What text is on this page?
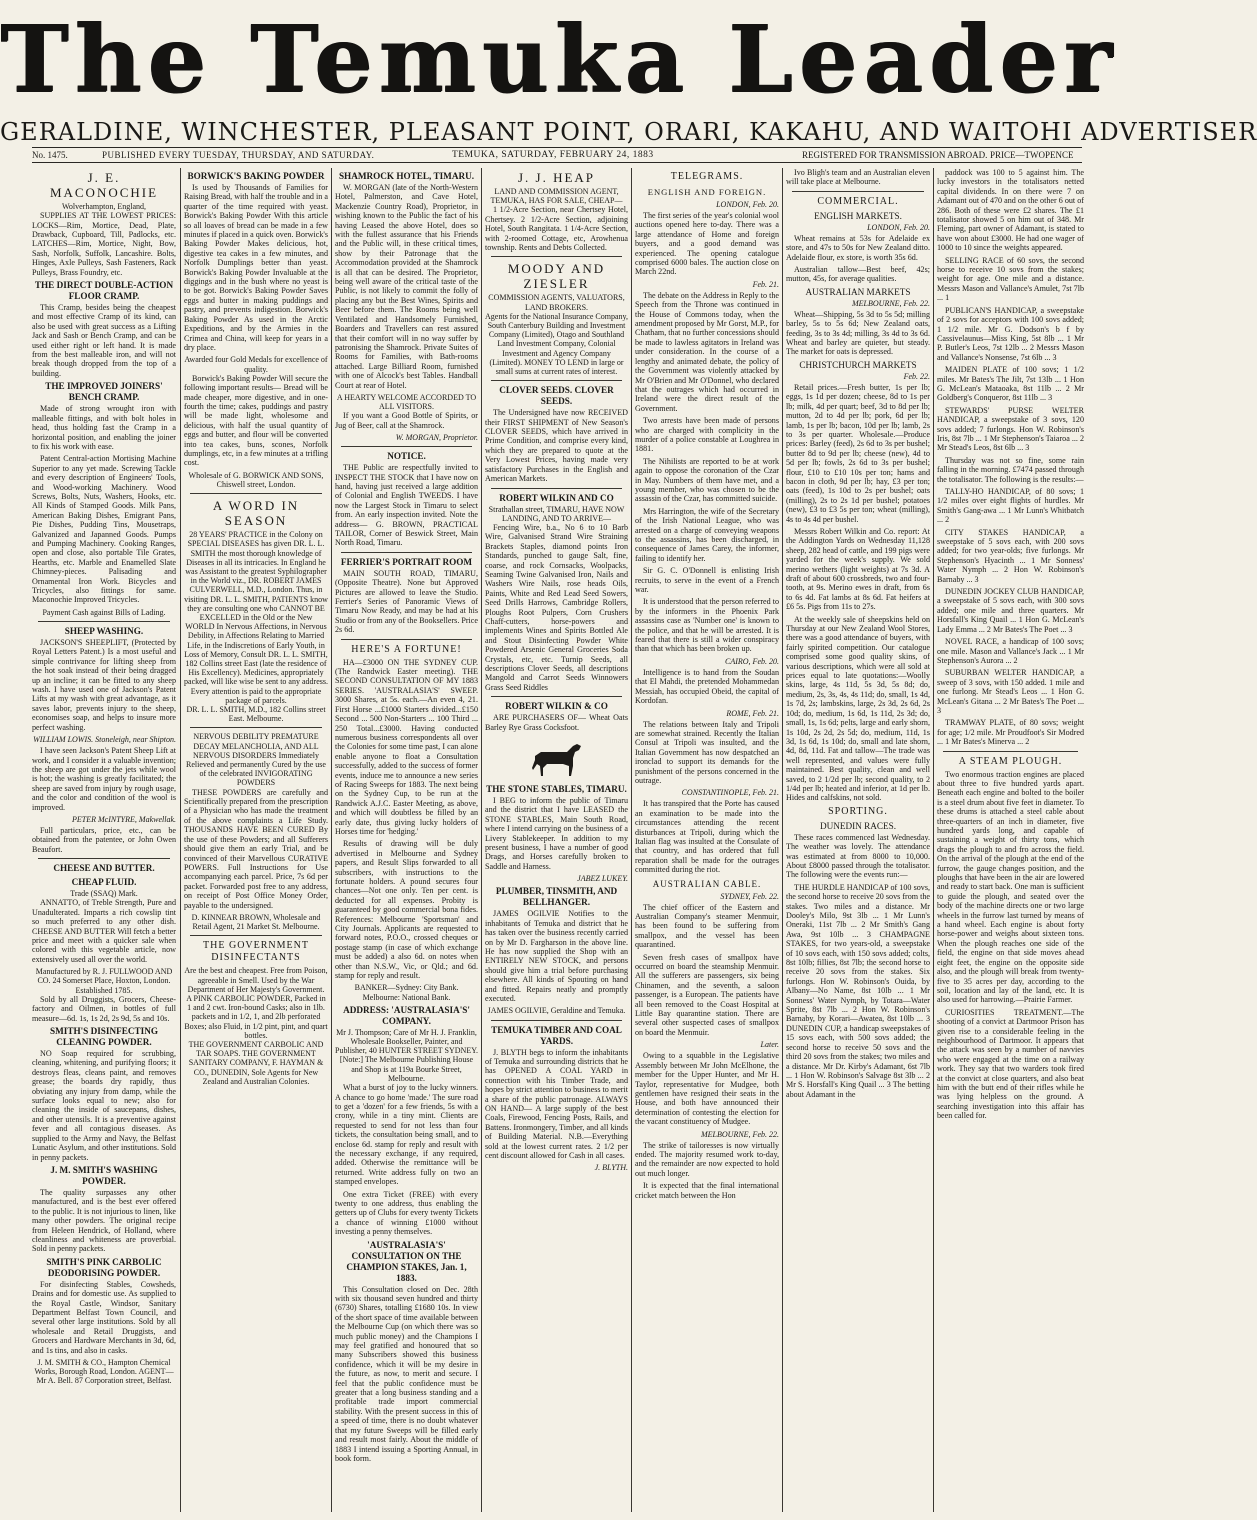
The Temuka Leader
GERALDINE, WINCHESTER, PLEASANT POINT, ORARI, KAKAHU, AND WAITOHI ADVERTISER
No. 1475.	PUBLISHED EVERY TUESDAY, THURSDAY, AND SATURDAY.	TEMUKA, SATURDAY, FEBRUARY 24, 1883	REGISTERED FOR TRANSMISSION ABROAD. PRICE—TWOPENCE
J. E. MACONOCHIE
Wolverhampton, England,

SUPPLIES AT THE LOWEST PRICES: LOCKS—Rim, Mortice, Dead, Plate, Drawback, Cupboard, Till, Padlocks, etc. LATCHES—Rim, Mortice, Night, Bow, Sash, Norfolk, Suffolk, Lancashire. Bolts, Hinges, Axle Pulleys, Sash Fasteners, Rack Pulleys, Brass Foundry, etc.

THE DIRECT DOUBLE-ACTION FLOOR CRAMP.

This Cramp, besides being the cheapest and most effective Cramp of its kind, can also be used with great success as a Lifting Jack and Sash or Bench Cramp, and can be used either right or left hand. It is made from the best malleable iron, and will not break though dropped from the top of a building.

THE IMPROVED JOINERS' BENCH CRAMP.

Made of strong wrought iron with malleable fittings, and with bolt holes in head, thus holding fast the Cramp in a horizontal position, and enabling the joiner to fix his work with ease.

Patent Central-action Mortising Machine Superior to any yet made. Screwing Tackle and every description of Engineers' Tools, and Wood-working Machinery. Wood Screws, Bolts, Nuts, Washers, Hooks, etc. All Kinds of Stamped Goods. Milk Pans, American Baking Dishes, Emigrant Pans, Pie Dishes, Pudding Tins, Mousetraps, Galvanized and Japanned Goods. Pumps and Pumping Machinery. Cooking Ranges, open and close, also portable Tile Grates, Hearths, etc. Marble and Enamelled Slate Chimney-pieces. Palisading and Ornamental Iron Work. Bicycles and Tricycles, also fittings for same. Maconochie Improved Tricycles.

Payment Cash against Bills of Lading.
SHEEP WASHING.

JACKSON'S SHEEPLIFT, (Protected by Royal Letters Patent.) Is a most useful and simple contrivance for lifting sheep from the hot soak instead of their being dragged up an incline; it can be fitted to any sheep wash. I have used one of Jackson's Patent Lifts at my wash with great advantage, as it saves labor, prevents injury to the sheep, economises soap, and helps to insure more perfect washing.

WILLIAM LOWIS. Stoneleigh, near Shipton.

I have seen Jackson's Patent Sheep Lift at work, and I consider it a valuable invention; the sheep are got under the jets while wool is hot; the washing is greatly facilitated; the sheep are saved from injury by rough usage, and the color and condition of the wool is improved.

PETER McINTYRE, Makwellak.

Full particulars, price, etc., can be obtained from the patentee, or John Owen Beaufort.

CHEESE AND BUTTER.
CHEAP FLUID.
Trade (SSAQ) Mark.

ANNATTO, of Treble Strength, Pure and Unadulterated. Imparts a rich cowslip tint so much preferred to any other dish. CHEESE AND BUTTER Will fetch a better price and meet with a quicker sale when colored with this vegetable article, now extensively used all over the world.

Manufactured by R. J. FULLWOOD AND CO. 24 Somerset Place, Hoxton, London. Established 1785.

Sold by all Druggists, Grocers, Cheese-factory and Oilmen, in bottles of full measure—6d. 1s, 1s 2d, 2s 9d, 5s and 10s.

SMITH'S DISINFECTING CLEANING POWDER.

NO Soap required for scrubbing, cleaning, whitening, and purifying floors; it destroys fleas, cleans paint, and removes grease; the boards dry rapidly, thus obviating any injury from damp, while the surface looks equal to new; also for cleaning the inside of saucepans, dishes, and other utensils. It is a preventive against fever and all contagious diseases. As supplied to the Army and Navy, the Belfast Lunatic Asylum, and other institutions. Sold in penny packets.

J. M. SMITH'S WASHING POWDER.

The quality surpasses any other manufactured, and is the best ever offered to the public. It is not injurious to linen, like many other powders. The original recipe from Heleen Hendrick, of Holland, where cleanliness and whiteness are proverbial. Sold in penny packets.

SMITH'S PINK CARBOLIC DEODORISING POWDER.

For disinfecting Stables, Cowsheds, Drains and for domestic use. As supplied to the Royal Castle, Windsor, Sanitary Department Belfast Town Council, and several other large institutions. Sold by all wholesale and Retail Druggists, and Grocers and Hardware Merchants in 3d, 6d, and 1s tins, and also in casks.

J. M. SMITH & CO., Hampton Chemical Works, Borough Road, London. AGENT—Mr A. Bell. 87 Corporation street, Belfast.
BORWICK'S BAKING POWDER

Is used by Thousands of Families for Raising Bread, with half the trouble and in a quarter of the time required with yeast. Borwick's Baking Powder With this article so all loaves of bread can be made in a few minutes if placed in a quick oven. Borwick's Baking Powder Makes delicious, hot, digestive tea cakes in a few minutes, and Norfolk Dumplings better than yeast. Borwick's Baking Powder Invaluable at the diggings and in the bush where no yeast is to be got. Borwick's Baking Powder Saves eggs and butter in making puddings and pastry, and prevents indigestion. Borwick's Baking Powder As used in the Arctic Expeditions, and by the Armies in the Crimea and China, will keep for years in a dry place.

Awarded four Gold Medals for excellence of quality.

Borwick's Baking Powder Will secure the following important results— Bread will be made cheaper, more digestive, and in one-fourth the time; cakes, puddings and pastry will be made light, wholesome and delicious, with half the usual quantity of eggs and butter, and flour will be converted into tea cakes, buns, scones, Norfolk dumplings, etc, in a few minutes at a trifling cost.

Wholesale of G. BORWICK AND SONS, Chiswell street, London.
A WORD IN SEASON
28 YEARS' PRACTICE in the Colony on SPECIAL DISEASES has given DR. L. L. SMITH the most thorough knowledge of Diseases in all its intricacies. In England he was Assistant to the greatest Syphilographer in the World viz., DR. ROBERT JAMES CULVERWELL, M.D., London. Thus, in visiting DR. L. L. SMITH, PATIENTS know they are consulting one who CANNOT BE EXCELLED in the Old or the New WORLD In Nervous Affections, in Nervous Debility, in Affections Relating to Married Life, in the Indiscretions of Early Youth, in Loss of Memory, Consult DR. L. L. SMITH, 182 Collins street East (late the residence of His Excellency). Medicines, appropriately packed, will like wise be sent to any address. Every attention is paid to the appropriate package of parcels.
DR. L. L. SMITH, M.D., 182 Collins street East. Melbourne.
NERVOUS DEBILITY PREMATURE DECAY MELANCHOLIA, AND ALL NERVOUS DISORDERS Immediately Relieved and permanently Cured by the use of the celebrated INVIGORATING POWDERS

THESE POWDERS are carefully and Scientifically prepared from the prescription of a Physician who has made the treatment of the above complaints a Life Study. THOUSANDS HAVE BEEN CURED By the use of these Powders; and all Sufferers should give them an early Trial, and be convinced of their Marvellous CURATIVE POWERS. Full Instructions for Use accompanying each parcel. Price, 7s 6d per packet. Forwarded post free to any address, on receipt of Post Office Money Order, payable to the undersigned.

D. KINNEAR BROWN, Wholesale and Retail Agent, 21 Market St. Melbourne.
THE GOVERNMENT DISINFECTANTS
Are the best and cheapest. Free from Poison, agreeable in Smell. Used by the War Department of Her Majesty's Government. A PINK CARBOLIC POWDER, Packed in 1 and 2 cwt. Iron-bound Casks; also in 1lb. packets and in 1/2, 1, and 2lb perforated Boxes; also Fluid, in 1/2 pint, pint, and quart bottles.
THE GOVERNMENT CARBOLIC AND TAR SOAPS. THE GOVERNMENT SANITARY COMPANY, F. HAYMAN & CO., DUNEDIN, Sole Agents for New Zealand and Australian Colonies.
SHAMROCK HOTEL, TIMARU.

W. MORGAN (late of the North-Western Hotel, Palmerston, and Cave Hotel, Mackenzie Country Road), Proprietor, in wishing known to the Public the fact of his having Leased the above Hotel, does so with the fullest assurance that his Friends and the Public will, in these critical times, show by their Patronage that the Accommodation provided at the Shamrock is all that can be desired. The Proprietor, being well aware of the critical taste of the Public, is not likely to commit the folly of placing any but the Best Wines, Spirits and Beer before them. The Rooms being well Ventilated and Handsomely Furnished, Boarders and Travellers can rest assured that their comfort will in no way suffer by patronising the Shamrock. Private Suites of Rooms for Families, with Bath-rooms attached. Large Billiard Room, furnished with one of Alcock's best Tables. Handball Court at rear of Hotel.

A HEARTY WELCOME ACCORDED TO ALL VISITORS.

If you want a Good Bottle of Spirits, or Jug of Beer, call at the Shamrock.

W. MORGAN, Proprietor.
NOTICE.

THE Public are respectfully invited to INSPECT THE STOCK that I have now on hand, having just received a large addition of Colonial and English TWEEDS. I have now the Largest Stock in Timaru to select from. An early inspection invited. Note the address— G. BROWN, PRACTICAL TAILOR, Corner of Beswick Street, Main North Road, Timaru.

FERRIER'S PORTRAIT ROOM

MAIN SOUTH ROAD, TIMARU, (Opposite Theatre). None but Approved Pictures are allowed to leave the Studio. Ferrier's Series of Panoramic Views of Timaru Now Ready, and may be had at his Studio or from any of the Booksellers. Price 2s 6d.

HERE'S A FORTUNE!

HA—£3000 ON THE SYDNEY CUP. (The Randwick Easter meeting). THE SECOND CONSULTATION OF MY 1883 SERIES. 'AUSTRALASIA'S' SWEEP. 3000 Shares, at 5s. each.—An even 4, 21. First Horse ...£1000 Starters divided...£150 Second ... 500 Non-Starters ... 100 Third ... 250 Total...£3000. Having conducted numerous business correspondents all over the Colonies for some time past, I can alone enable anyone to float a Consultation successfully, added to the success of former events, induce me to announce a new series of Racing Sweeps for 1883. The next being on the Sydney Cup, to be run at the Randwick A.J.C. Easter Meeting, as above, and which will doubtless be filled by an early date, thus giving lucky holders of Horses time for 'hedging.'

Results of drawing will be duly advertised in Melbourne and Sydney papers, and Result Slips forwarded to all subscribers, with instructions to the fortunate holders. A pound secures four chances—Not one only. Ten per cent. is deducted for all expenses. Probity is guaranteed by good commercial bona fides. References: Melbourne 'Sportsman' and City Journals. Applicants are requested to forward notes, P.O.O., crossed cheques or postage stamp (in case of which exchange must be added) a also 6d. on notes when other than N.S.W., Vic, or Qld.; and 6d. stamp for reply and result.

BANKER—Sydney: City Bank. Melbourne: National Bank.
ADDRESS: 'AUSTRALASIA'S' COMPANY.
Mr J. Thompson; Care of Mr H. J. Franklin, Wholesale Bookseller, Painter, and Publisher, 40 HUNTER STREET SYDNEY. [Note:] The Melbourne Publishing House and Shop is at 119a Bourke Street, Melbourne.

What a burst of joy to the lucky winners. A chance to go home 'made.' The sure road to get a 'dozen' for a few friends, 5s with a crony, while in a tiny mint. Clients are requested to send for not less than four tickets, the consultation being small, and to enclose 6d. stamp for reply and result with the necessary exchange, if any required, added. Otherwise the remittance will be returned. Write address fully on two an stamped envelopes.

One extra Ticket (FREE) with every twenty to one address, thus enabling the getters up of Clubs for every twenty Tickets a chance of winning £1000 without investing a penny themselves.

'AUSTRALASIA'S' CONSULTATION ON THE CHAMPION STAKES, Jan. 1, 1883.

This Consultation closed on Dec. 28th with six thousand seven hundred and thirty (6730) Shares, totalling £1680 10s. In view of the short space of time available between the Melbourne Cup (on which there was so much public money) and the Champions I may feel gratified and honoured that so many Subscribers showed this business confidence, which it will be my desire in the future, as now, to merit and secure. I feel that the public confidence must be greater that a long business standing and a profitable trade import commercial stability. With the present success in this of a speed of time, there is no doubt whatever that my future Sweeps will be filled early and result most fairly. About the middle of 1883 I intend issuing a Sporting Annual, in book form.

J. J. HEAP
LAND AND COMMISSION AGENT, TEMUKA, HAS FOR SALE, CHEAP—

1 1/2-Acre Section, near Chertsey Hotel, Chertsey. 2 1/2-Acre Section, adjoining Hotel, South Rangitata. 1 1/4-Acre Section, with 2-roomed Cottage, etc, Arowhenua township. Rents and Debts Collected.

MOODY AND ZIESLER
COMMISSION AGENTS, VALUATORS, LAND BROKERS.
Agents for the National Insurance Company, South Canterbury Building and Investment Company (Limited), Otago and Southland Land Investment Company, Colonial Investment and Agency Company (Limited). MONEY TO LEND in large or small sums at current rates of interest.
CLOVER SEEDS. CLOVER SEEDS.

The Undersigned have now RECEIVED their FIRST SHIPMENT of New Season's CLOVER SEEDS, which have arrived in Prime Condition, and comprise every kind, which they are prepared to quote at the Very Lowest Prices, having made very satisfactory Purchases in the English and American Markets.

ROBERT WILKIN AND CO
Strathallan street, TIMARU, HAVE NOW LANDING, AND TO ARRIVE—

Fencing Wire, b.a., No 6 to 10 Barb Wire, Galvanised Strand Wire Straining Brackets Staples, diamond points Iron Standards, punched to gauge Salt, fine, coarse, and rock Cornsacks, Woolpacks, Seaming Twine Galvanised Iron, Nails and Washers Wire Nails, rose heads Oils, Paints, White and Red Lead Seed Sowers, Seed Drills Harrows, Cambridge Rollers, Ploughs Root Pulpers, Corn Crushers Chaff-cutters, horse-powers and implements Wines and Spirits Bottled Ale and Stout Disinfecting Powder White Powdered Arsenic General Groceries Soda Crystals, etc, etc. Turnip Seeds, all descriptions Clover Seeds, all descriptions Mangold and Carrot Seeds Winnowers Grass Seed Riddles

ROBERT WILKIN & CO

ARE PURCHASERS OF— Wheat Oats Barley Rye Grass Cocksfoot.

THE STONE STABLES, TIMARU.

I BEG to inform the public of Timaru and the district that I have LEASED the STONE STABLES, Main South Road, where I intend carrying on the business of a Livery Stablekeeper. In addition to my present business, I have a number of good Drags, and Horses carefully broken to Saddle and Harness.

JABEZ LUKEY.
PLUMBER, TINSMITH, AND BELLHANGER.

JAMES OGILVIE Notifies to the inhabitants of Temuka and district that he has taken over the business recently carried on by Mr D. Fargharson in the above line. He has now supplied the Shop with an ENTIRELY NEW STOCK, and persons should give him a trial before purchasing elsewhere. All kinds of Spouting on hand and fitted. Repairs neatly and promptly executed.

JAMES OGILVIE, Geraldine and Temuka.
TEMUKA TIMBER AND COAL YARDS.

J. BLYTH begs to inform the inhabitants of Temuka and surrounding districts that he has OPENED A COAL YARD in connection with his Timber Trade, and hopes by strict attention to business to merit a share of the public patronage. ALWAYS ON HAND— A large supply of the best Coals, Firewood, Fencing Posts, Rails, and Battens. Ironmongery, Timber, and all kinds of Building Material. N.B.—Everything sold at the lowest current rates. 2 1/2 per cent discount allowed for Cash in all cases.

J. BLYTH.
TELEGRAMS.
ENGLISH AND FOREIGN.
LONDON, Feb. 20.

The first series of the year's colonial wool auctions opened here to-day. There was a large attendance of Home and foreign buyers, and a good demand was experienced. The opening catalogue comprised 6000 bales. The auction close on March 22nd.

Feb. 21.

The debate on the Address in Reply to the Speech from the Throne was continued in the House of Commons today, when the amendment proposed by Mr Gorst, M.P., for Chatham, that no further concessions should be made to lawless agitators in Ireland was under consideration. In the course of a lengthy and animated debate, the policy of the Government was violently attacked by Mr O'Brien and Mr O'Donnel, who declared that the outrages which had occurred in Ireland were the direct result of the Government.

Two arrests have been made of persons who are charged with complicity in the murder of a police constable at Loughrea in 1881.

The Nihilists are reported to be at work again to oppose the coronation of the Czar in May. Numbers of them have met, and a young member, who was chosen to be the assassin of the Czar, has committed suicide.

Mrs Harrington, the wife of the Secretary of the Irish National League, who was arrested on a charge of conveying weapons to the assassins, has been discharged, in consequence of James Carey, the informer, failing to identify her.

Sir G. C. O'Donnell is enlisting Irish recruits, to serve in the event of a French war.

It is understood that the person referred to by the informers in the Phoenix Park assassins case as 'Number one' is known to the police, and that he will be arrested. It is feared that there is still a wider conspiracy than that which has been broken up.

CAIRO, Feb. 20.

Intelligence is to hand from the Soudan that El Mahdi, the pretended Mohammedan Messiah, has occupied Obeid, the capital of Kordofan.

ROME, Feb. 21.

The relations between Italy and Tripoli are somewhat strained. Recently the Italian Consul at Tripoli was insulted, and the Italian Government has now despatched an ironclad to support its demands for the punishment of the persons concerned in the outrage.

CONSTANTINOPLE, Feb. 21.

It has transpired that the Porte has caused an examination to be made into the circumstances attending the recent disturbances at Tripoli, during which the Italian flag was insulted at the Consulate of that country, and has ordered that full reparation shall be made for the outrages committed during the riot.

AUSTRALIAN CABLE.
SYDNEY, Feb. 22.

The chief officer of the Eastern and Australian Company's steamer Menmuir, has been found to be suffering from smallpox, and the vessel has been quarantined.

Seven fresh cases of smallpox have occurred on board the steamship Menmuir. All the sufferers are passengers, six being Chinamen, and the seventh, a saloon passenger, is a European. The patients have all been removed to the Coast Hospital at Little Bay quarantine station. There are several other suspected cases of smallpox on board the Menmuir.

Later.

Owing to a squabble in the Legislative Assembly between Mr John McElhone, the member for the Upper Hunter, and Mr H. Taylor, representative for Mudgee, both gentlemen have resigned their seats in the House, and both have announced their determination of contesting the election for the vacant constituency of Mudgee.

MELBOURNE, Feb. 22.

The strike of tailoresses is now virtually ended. The majority resumed work to-day, and the remainder are now expected to hold out much longer.

It is expected that the final international cricket match between the Hon

Ivo Bligh's team and an Australian eleven will take place at Melbourne.

COMMERCIAL.
ENGLISH MARKETS.
LONDON, Feb. 20.

Wheat remains at 53s for Adelaide ex store, and 47s to 50s for New Zealand ditto. Adelaide flour, ex store, is worth 35s 6d.

Australian tallow—Best beef, 42s; mutton, 45s, for average qualities.

AUSTRALIAN MARKETS
MELBOURNE, Feb. 22.

Wheat—Shipping, 5s 3d to 5s 5d; milling barley, 5s to 5s 6d; New Zealand oats, feeding, 3s to 3s 4d; milling, 3s 4d to 3s 6d. Wheat and barley are quieter, but steady. The market for oats is depressed.

CHRISTCHURCH MARKETS
Feb. 22.

Retail prices.—Fresh butter, 1s per lb; eggs, 1s 1d per dozen; cheese, 8d to 1s per lb; milk, 4d per quart; beef, 3d to 8d per lb; mutton, 2d to 4d per lb; pork, 6d per lb; lamb, 1s per lb; bacon, 10d per lb; lamb, 2s to 3s per quarter. Wholesale.—Produce prices: Barley (feed), 2s 6d to 3s per bushel; butter 8d to 9d per lb; cheese (new), 4d to 5d per lb; fowls, 2s 6d to 3s per bushel; flour, £10 to £10 10s per ton; hams and bacon in cloth, 9d per lb; hay, £3 per ton; oats (feed), 1s 10d to 2s per bushel; oats (milling), 2s to 2s 1d per bushel; potatoes (new), £3 to £3 5s per ton; wheat (milling), 4s to 4s 4d per bushel.

Messrs Robert Wilkin and Co. report: At the Addington Yards on Wednesday 11,128 sheep, 282 head of cattle, and 199 pigs were yarded for the week's supply. We sold merino wethers (light weights) at 7s 3d. A draft of about 600 crossbreds, two and four-tooth, at 9s. Merino ewes in draft, from 6s to 6s 4d. Fat lambs at 8s 6d. Fat heifers at £6 5s. Pigs from 11s to 27s.

At the weekly sale of sheepskins held on Thursday at our New Zealand Wool Stores, there was a good attendance of buyers, with fairly spirited competition. Our catalogue comprised some good quality skins, of various descriptions, which were all sold at prices equal to late quotations:—Woolly skins, large, 4s 11d, 5s 3d, 5s 8d; do, medium, 2s, 3s, 4s, 4s 11d; do, small, 1s 4d, 1s 7d, 2s; lambskins, large, 2s 3d, 2s 6d, 2s 10d; do, medium, 1s 6d, 1s 11d, 2s 3d; do, small, 1s, 1s 6d; pelts, large and early shorn, 1s 10d, 2s 2d, 2s 5d; do, medium, 11d, 1s 3d, 1s 6d, 1s 10d; do, small and late shorn, 4d, 8d, 11d. Fat and tallow—The trade was well represented, and values were fully maintained. Best quality, clean and well saved, to 2 1/2d per lb; second quality, to 2 1/4d per lb; heated and inferior, at 1d per lb. Hides and calfskins, not sold.

SPORTING.
DUNEDIN RACES.

These races commenced last Wednesday. The weather was lovely. The attendance was estimated at from 8000 to 10,000. About £8000 passed through the totalisator. The following were the events run:—

THE HURDLE HANDICAP of 100 sovs, the second horse to receive 20 sovs from the stakes. Two miles and a distance. Mr Dooley's Milo, 9st 3lb ... 1 Mr Lunn's Oneraki, 11st 7lb ... 2 Mr Smith's Gang Awa, 9st 10lb ... 3 CHAMPAGNE STAKES, for two years-old, a sweepstake of 10 sovs each, with 150 sovs added; colts, 8st 10lb; fillies, 8st 7lb; the second horse to receive 20 sovs from the stakes. Six furlongs. Hon W. Robinson's Ouida, by Albany—No Name, 8st 10lb ... 1 Mr Sonness' Water Nymph, by Totara—Water Sprite, 8st 7lb ... 2 Hon W. Robinson's Barnaby, by Korari—Awatea, 8st 10lb ... 3 DUNEDIN CUP, a handicap sweepstakes of 15 sovs each, with 500 sovs added; the second horse to receive 50 sovs and the third 20 sovs from the stakes; two miles and a distance. Mr Dr. Kirby's Adamant, 6st 7lb ... 1 Hon W. Robinson's Salvage 8st 3lb ... 2 Mr S. Horsfall's King Quail ... 3 The betting about Adamant in the

paddock was 100 to 5 against him. The lucky investors in the totalisators netted capital dividends. In on there were 7 on Adamant out of 470 and on the other 6 out of 286. Both of these were £2 shares. The £1 totalisator showed 5 on him out of 348. Mr Fleming, part owner of Adamant, is stated to have won about £3000. He had one wager of 1000 to 10 since the weights appeared.

SELLING RACE of 60 sovs, the second horse to receive 10 sovs from the stakes; weight for age. One mile and a distance. Messrs Mason and Vallance's Amulet, 7st 7lb ... 1

PUBLICAN'S HANDICAP, a sweepstake of 2 sovs for acceptors with 100 sovs added; 1 1/2 mile. Mr G. Dodson's b f by Cassivelaunus—Miss King, 5st 8lb ... 1 Mr P. Butler's Leos, 7st 12lb ... 2 Messrs Mason and Vallance's Nonsense, 7st 6lb ... 3

MAIDEN PLATE of 100 sovs; 1 1/2 miles. Mr Bates's The Jilt, 7st 13lb ... 1 Hon G. McLean's Mataoaka, 8st 11lb ... 2 Mr Goldberg's Conqueror, 8st 11lb ... 3

STEWARDS' PURSE WELTER HANDICAP, a sweepstake of 3 sovs, 120 sovs added; 7 furlongs. Hon W. Robinson's Iris, 8st 7lb ... 1 Mr Stephenson's Taiaroa ... 2 Mr Stead's Leos, 8st 6lb ... 3

Thursday was not so fine, some rain falling in the morning. £7474 passed through the totalisator. The following is the results:—

TALLY-HO HANDICAP, of 80 sovs; 1 1/2 miles over eight flights of hurdles. Mr Smith's Gang-awa ... 1 Mr Lunn's Whitbatch ... 2

CITY STAKES HANDICAP, a sweepstake of 5 sovs each, with 200 sovs added; for two year-olds; five furlongs. Mr Stephenson's Hyacinth ... 1 Mr Sonness' Water Nymph ... 2 Hon W. Robinson's Barnaby ... 3

DUNEDIN JOCKEY CLUB HANDICAP, a sweepstake of 5 sovs each, with 300 sovs added; one mile and three quarters. Mr Horsfall's King Quail ... 1 Hon G. McLean's Lady Emma ... 2 Mr Bates's The Poet ... 3

NOVEL RACE, a handicap of 100 sovs; one mile. Mason and Vallance's Jack ... 1 Mr Stephenson's Aurora ... 2

SUBURBAN WELTER HANDICAP, a sweep of 3 sovs, with 150 added. 1 mile and one furlong. Mr Stead's Leos ... 1 Hon G. McLean's Gitana ... 2 Mr Bates's The Poet ... 3

TRAMWAY PLATE, of 80 sovs; weight for age; 1/2 mile. Mr Proudfoot's Sir Modred ... 1 Mr Bates's Minerva ... 2

A STEAM PLOUGH.

Two enormous traction engines are placed about three to five hundred yards apart. Beneath each engine and bolted to the boiler is a steel drum about five feet in diameter. To these drums is attached a steel cable about three-quarters of an inch in diameter, five hundred yards long, and capable of sustaining a weight of thirty tons, which drags the plough to and fro across the field. On the arrival of the plough at the end of the furrow, the gauge changes position, and the ploughs that have been in the air are lowered and ready to start back. One man is sufficient to guide the plough, and seated over the body of the machine directs one or two large wheels in the furrow last turned by means of a hand wheel. Each engine is about forty horse-power and weighs about sixteen tons. When the plough reaches one side of the field, the engine on that side moves ahead eight feet, the engine on the opposite side also, and the plough will break from twenty-five to 35 acres per day, according to the soil, location and lay of the land, etc. It is also used for harrowing.—Prairie Farmer.

CURIOSITIES TREATMENT.—The shooting of a convict at Dartmoor Prison has given rise to a considerable feeling in the neighbourhood of Dartmoor. It appears that the attack was seen by a number of navvies who were engaged at the time on a railway work. They say that two warders took fired at the convict at close quarters, and also beat him with the butt end of their rifles while he was lying helpless on the ground. A searching investigation into this affair has been called for.
